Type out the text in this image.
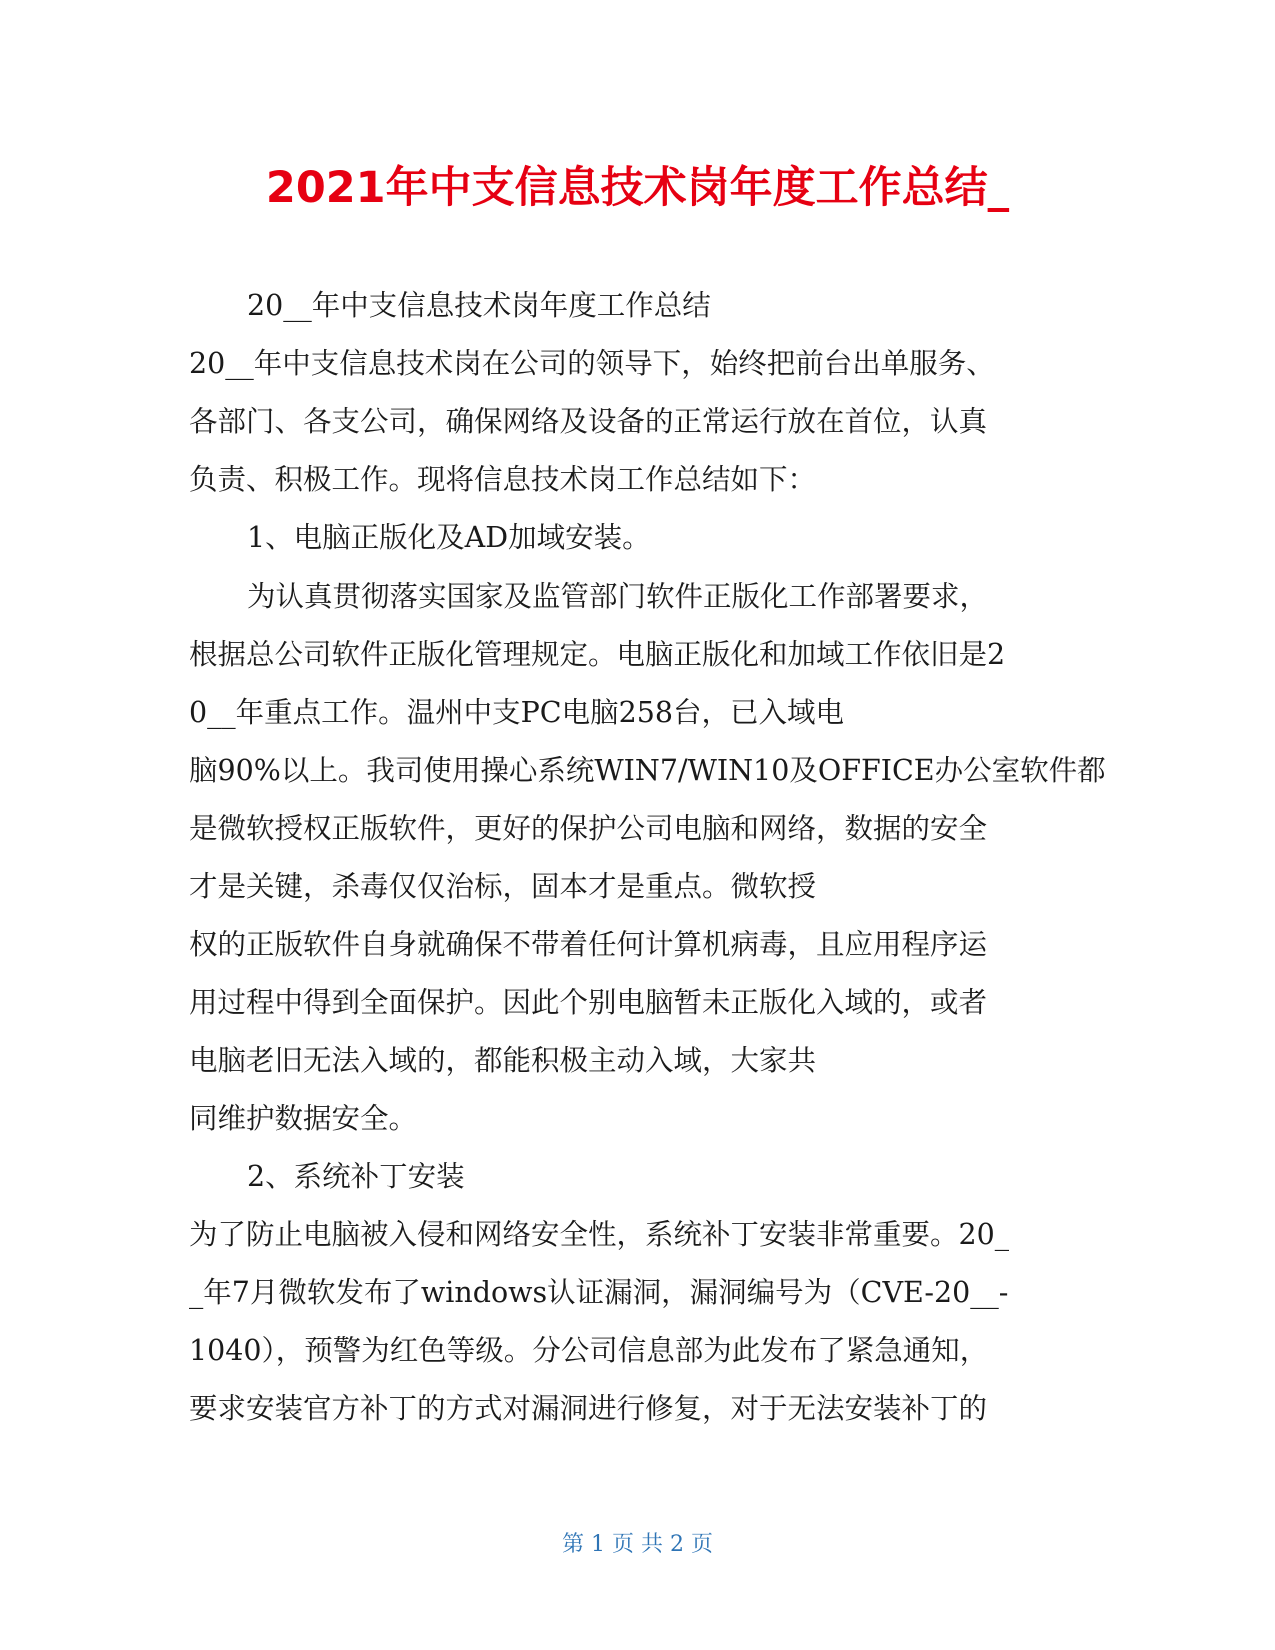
2021年中支信息技术岗年度工作总结_

20__年中支信息技术岗年度工作总结

20__年中支信息技术岗在公司的领导下，始终把前台出单服务、

各部门、各支公司，确保网络及设备的正常运行放在首位，认真

负责、积极工作。现将信息技术岗工作总结如下：

1、电脑正版化及AD加域安装。

为认真贯彻落实国家及监管部门软件正版化工作部署要求，

根据总公司软件正版化管理规定。电脑正版化和加域工作依旧是2

0__年重点工作。温州中支PC电脑258台，已入域电

脑90%以上。我司使用操心系统WIN7/WIN10及OFFICE办公室软件都

是微软授权正版软件，更好的保护公司电脑和网络，数据的安全

才是关键，杀毒仅仅治标，固本才是重点。微软授

权的正版软件自身就确保不带着任何计算机病毒，且应用程序运

用过程中得到全面保护。因此个别电脑暂未正版化入域的，或者

电脑老旧无法入域的，都能积极主动入域，大家共

同维护数据安全。

2、系统补丁安装

为了防止电脑被入侵和网络安全性，系统补丁安装非常重要。20_

_年7月微软发布了windows认证漏洞，漏洞编号为（CVE-20__-

1040），预警为红色等级。分公司信息部为此发布了紧急通知，

要求安装官方补丁的方式对漏洞进行修复，对于无法安装补丁的

第 1 页 共 2 页
